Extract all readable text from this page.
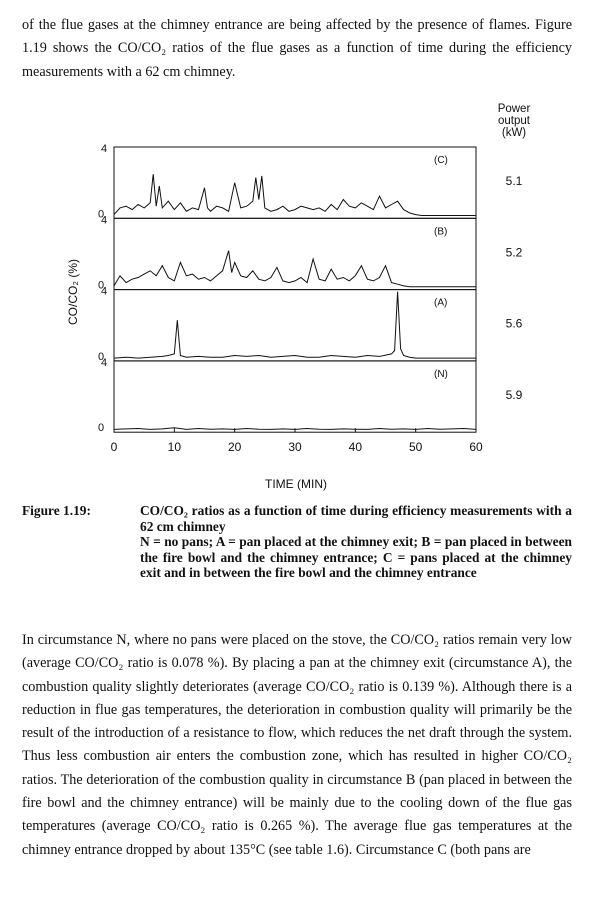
of the flue gases at the chimney entrance are being affected by the presence of flames. Figure 1.19 shows the CO/CO₂ ratios of the flue gases as a function of time during the efficiency measurements with a 62 cm chimney.

4
0
(C)
5.1
4
0
(B)
5.2
4
0
(A)
5.6
4
0
(N)
5.9
0	10	20	30	40	50	60
TIME (MIN)
CO/CO₂ (%)
Power output (kW)
Figure 1.19:	CO/CO₂ ratios as a function of time during efficiency measurements with a 62 cm chimney

N = no pans; A = pan placed at the chimney exit; B = pan placed in between the fire bowl and the chimney entrance; C = pans placed at the chimney exit and in between the fire bowl and the chimney entrance

In circumstance N, where no pans were placed on the stove, the CO/CO₂ ratios remain very low (average CO/CO₂ ratio is 0.078 %). By placing a pan at the chimney exit (circumstance A), the combustion quality slightly deteriorates (average CO/CO₂ ratio is 0.139 %). Although there is a reduction in flue gas temperatures, the deterioration in combustion quality will primarily be the result of the introduction of a resistance to flow, which reduces the net draft through the system. Thus less combustion air enters the combustion zone, which has resulted in higher CO/CO₂ ratios. The deterioration of the combustion quality in circumstance B (pan placed in between the fire bowl and the chimney entrance) will be mainly due to the cooling down of the flue gas temperatures (average CO/CO₂ ratio is 0.265 %). The average flue gas temperatures at the chimney entrance dropped by about 135°C (see table 1.6). Circumstance C (both pans are
